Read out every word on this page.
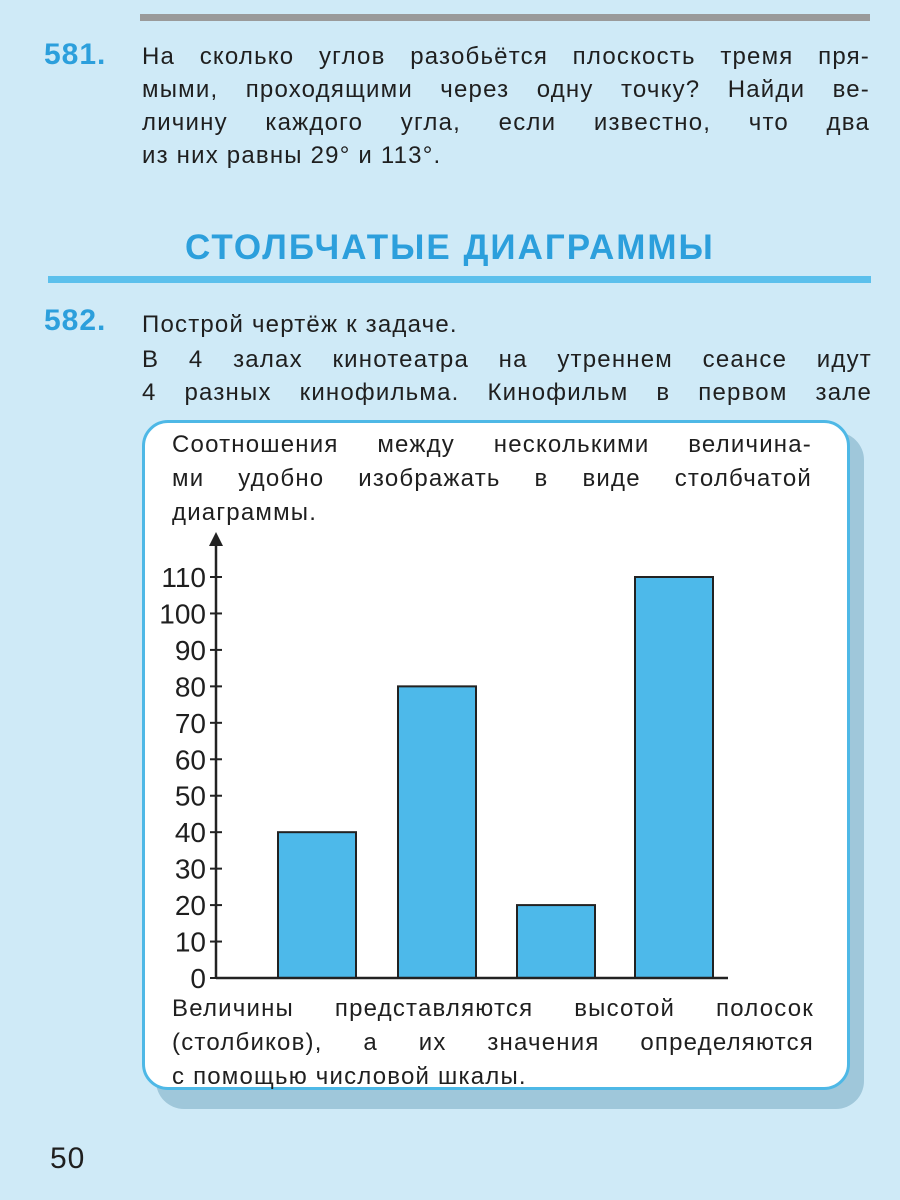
581. На сколько углов разобьётся плоскость тремя пря-
мыми, проходящими через одну точку? Найди ве-
личину каждого угла, если известно, что два
из них равны 29° и 113°.
СТОЛБЧАТЫЕ ДИАГРАММЫ
582. Построй чертёж к задаче.
В 4 залах кинотеатра на утреннем сеансе идут
4 разных кинофильма. Кинофильм в первом зале
Соотношения между несколькими величина-
ми удобно изображать в виде столбчатой
диаграммы.
0
10
20
30
40
50
60
70
80
90
100
110
Величины представляются высотой полосок
(столбиков), а их значения определяются
с помощью числовой шкалы.
50
